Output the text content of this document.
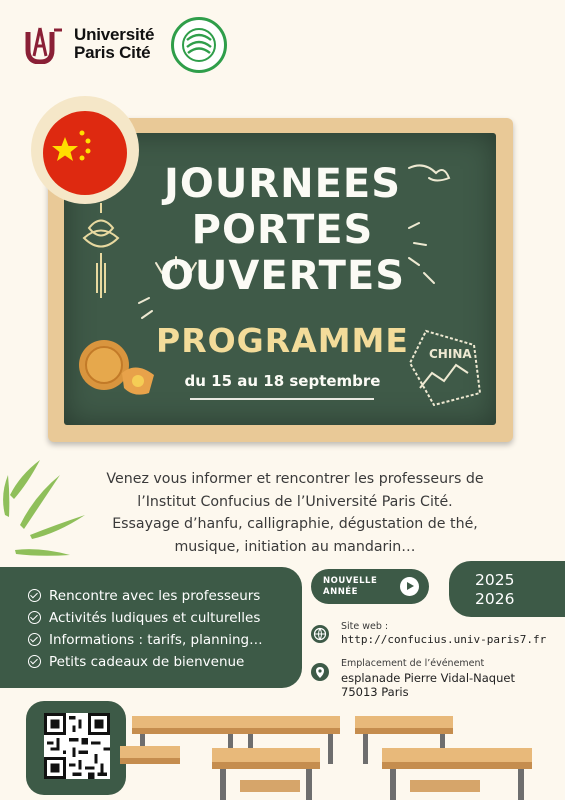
Université
Paris Cité
CHINA
JOURNEES
PORTES
OUVERTES
PROGRAMME
du 15 au 18 septembre
Venez vous informer et rencontrer les professeurs de
l’Institut Confucius de l’Université Paris Cité.
Essayage d’hanfu, calligraphie, dégustation de thé,
musique, initiation au mandarin…
Rencontre avec les professeurs
Activités ludiques et culturelles
Informations : tarifs, planning…
Petits cadeaux de bienvenue
NOUVELLE
ANNÉE
2025
2026
Site web :
http://confucius.univ-paris7.fr
Emplacement de l’événement
esplanade Pierre Vidal-Naquet
75013 Paris
